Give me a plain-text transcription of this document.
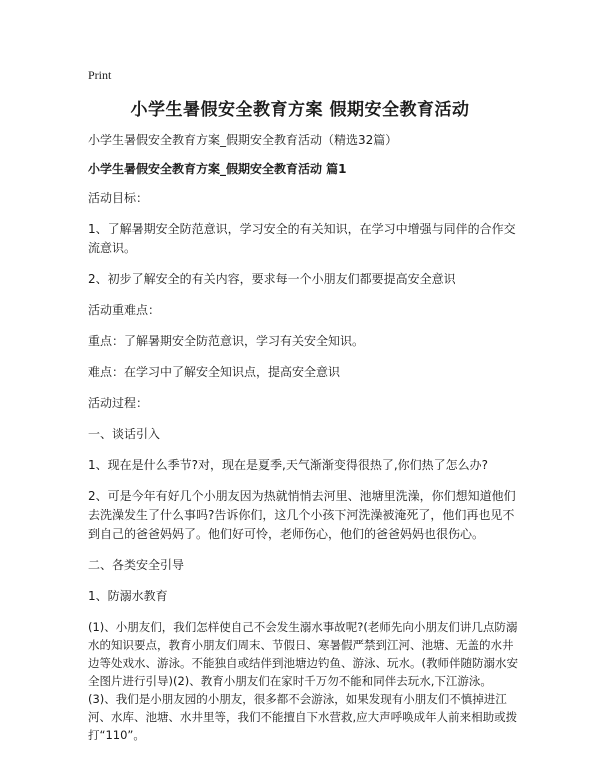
Print
小学生暑假安全教育方案 假期安全教育活动

小学生暑假安全教育方案_假期安全教育活动（精选32篇）

小学生暑假安全教育方案_假期安全教育活动 篇1

活动目标：

1、了解暑期安全防范意识，学习安全的有关知识，在学习中增强与同伴的合作交流意识。

2、初步了解安全的有关内容，要求每一个小朋友们都要提高安全意识

活动重难点：

重点：了解暑期安全防范意识，学习有关安全知识。

难点：在学习中了解安全知识点，提高安全意识

活动过程：

一、谈话引入

1、现在是什么季节?对，现在是夏季,天气渐渐变得很热了,你们热了怎么办?

2、可是今年有好几个小朋友因为热就悄悄去河里、池塘里洗澡，你们想知道他们去洗澡发生了什么事吗?告诉你们，这几个小孩下河洗澡被淹死了，他们再也见不到自己的爸爸妈妈了。他们好可怜，老师伤心，他们的爸爸妈妈也很伤心。

二、各类安全引导

1、防溺水教育

(1)、小朋友们，我们怎样使自己不会发生溺水事故呢?(老师先向小朋友们讲几点防溺水的知识要点，教育小朋友们周末、节假日、寒暑假严禁到江河、池塘、无盖的水井边等处戏水、游泳。不能独自或结伴到池塘边钓鱼、游泳、玩水。(教师伴随防溺水安全图片进行引导)(2)、教育小朋友们在家时千万勿不能和同伴去玩水,下江游泳。(3)、我们是小朋友园的小朋友，很多都不会游泳，如果发现有小朋友们不慎掉进江河、水库、池塘、水井里等，我们不能擅自下水营救,应大声呼唤成年人前来相助或拨打“110”。
